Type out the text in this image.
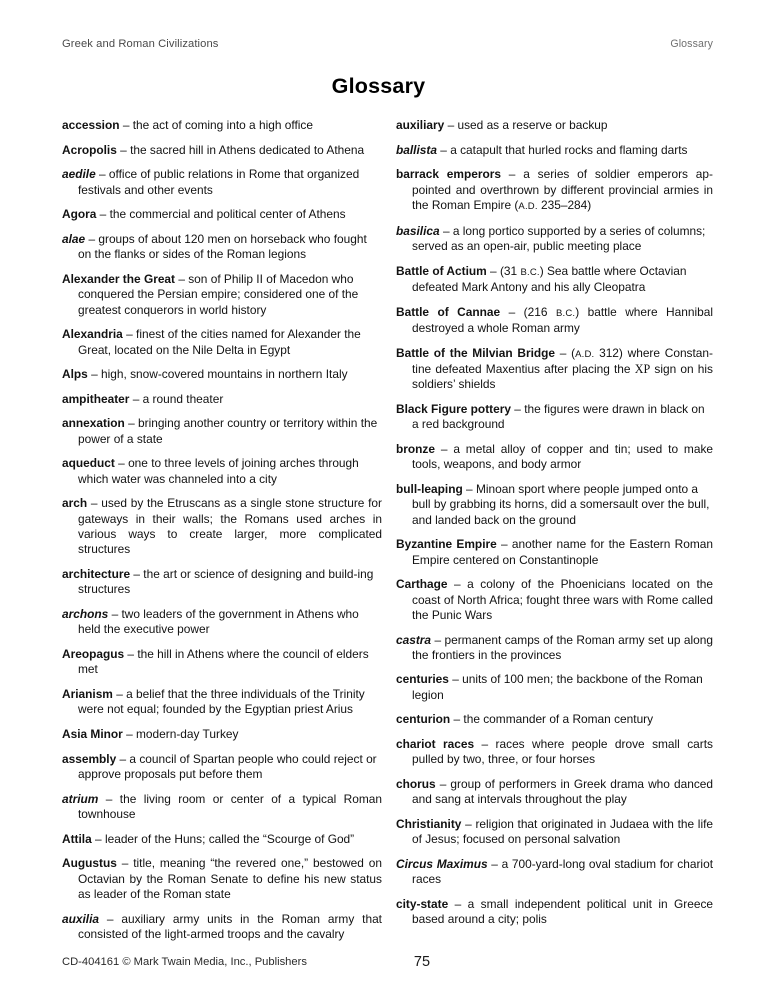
Greek and Roman Civilizations	Glossary
Glossary

accession – the act of coming into a high office

Acropolis – the sacred hill in Athens dedicated to Athena

aedile – office of public relations in Rome that organized festivals and other events

Agora – the commercial and political center of Athens

alae – groups of about 120 men on horseback who fought on the flanks or sides of the Roman legions

Alexander the Great – son of Philip II of Macedon who conquered the Persian empire; considered one of the greatest conquerors in world history

Alexandria – finest of the cities named for Alexander the Great, located on the Nile Delta in Egypt

Alps – high, snow-covered mountains in northern Italy

ampitheater – a round theater

annexation – bringing another country or territory within the power of a state

aqueduct – one to three levels of joining arches through which water was channeled into a city

arch – used by the Etruscans as a single stone structure for gateways in their walls; the Romans used arches in various ways to create larger, more complicated structures

architecture – the art or science of designing and build-ing structures

archons – two leaders of the government in Athens who held the executive power

Areopagus – the hill in Athens where the council of elders met

Arianism – a belief that the three individuals of the Trinity were not equal; founded by the Egyptian priest Arius

Asia Minor – modern-day Turkey

assembly – a council of Spartan people who could reject or approve proposals put before them

atrium – the living room or center of a typical Roman townhouse

Attila – leader of the Huns; called the “Scourge of God”

Augustus – title, meaning “the revered one,” bestowed on Octavian by the Roman Senate to define his new status as leader of the Roman state

auxilia – auxiliary army units in the Roman army that consisted of the light-armed troops and the cavalry

auxiliary – used as a reserve or backup

ballista – a catapult that hurled rocks and flaming darts

barrack emperors – a series of soldier emperors ap-pointed and overthrown by different provincial armies in the Roman Empire (A.D. 235–284)

basilica – a long portico supported by a series of columns; served as an open-air, public meeting place

Battle of Actium – (31 B.C.) Sea battle where Octavian defeated Mark Antony and his ally Cleopatra

Battle of Cannae – (216 B.C.) battle where Hannibal destroyed a whole Roman army

Battle of the Milvian Bridge – (A.D. 312) where Constan-tine defeated Maxentius after placing the XP sign on his soldiers’ shields

Black Figure pottery – the figures were drawn in black on a red background

bronze – a metal alloy of copper and tin; used to make tools, weapons, and body armor

bull-leaping – Minoan sport where people jumped onto a bull by grabbing its horns, did a somersault over the bull, and landed back on the ground

Byzantine Empire – another name for the Eastern Roman Empire centered on Constantinople

Carthage – a colony of the Phoenicians located on the coast of North Africa; fought three wars with Rome called the Punic Wars

castra – permanent camps of the Roman army set up along the frontiers in the provinces

centuries – units of 100 men; the backbone of the Roman legion

centurion – the commander of a Roman century

chariot races – races where people drove small carts pulled by two, three, or four horses

chorus – group of performers in Greek drama who danced and sang at intervals throughout the play

Christianity – religion that originated in Judaea with the life of Jesus; focused on personal salvation

Circus Maximus – a 700-yard-long oval stadium for chariot races

city-state – a small independent political unit in Greece based around a city; polis

CD-404161 © Mark Twain Media, Inc., Publishers	75
